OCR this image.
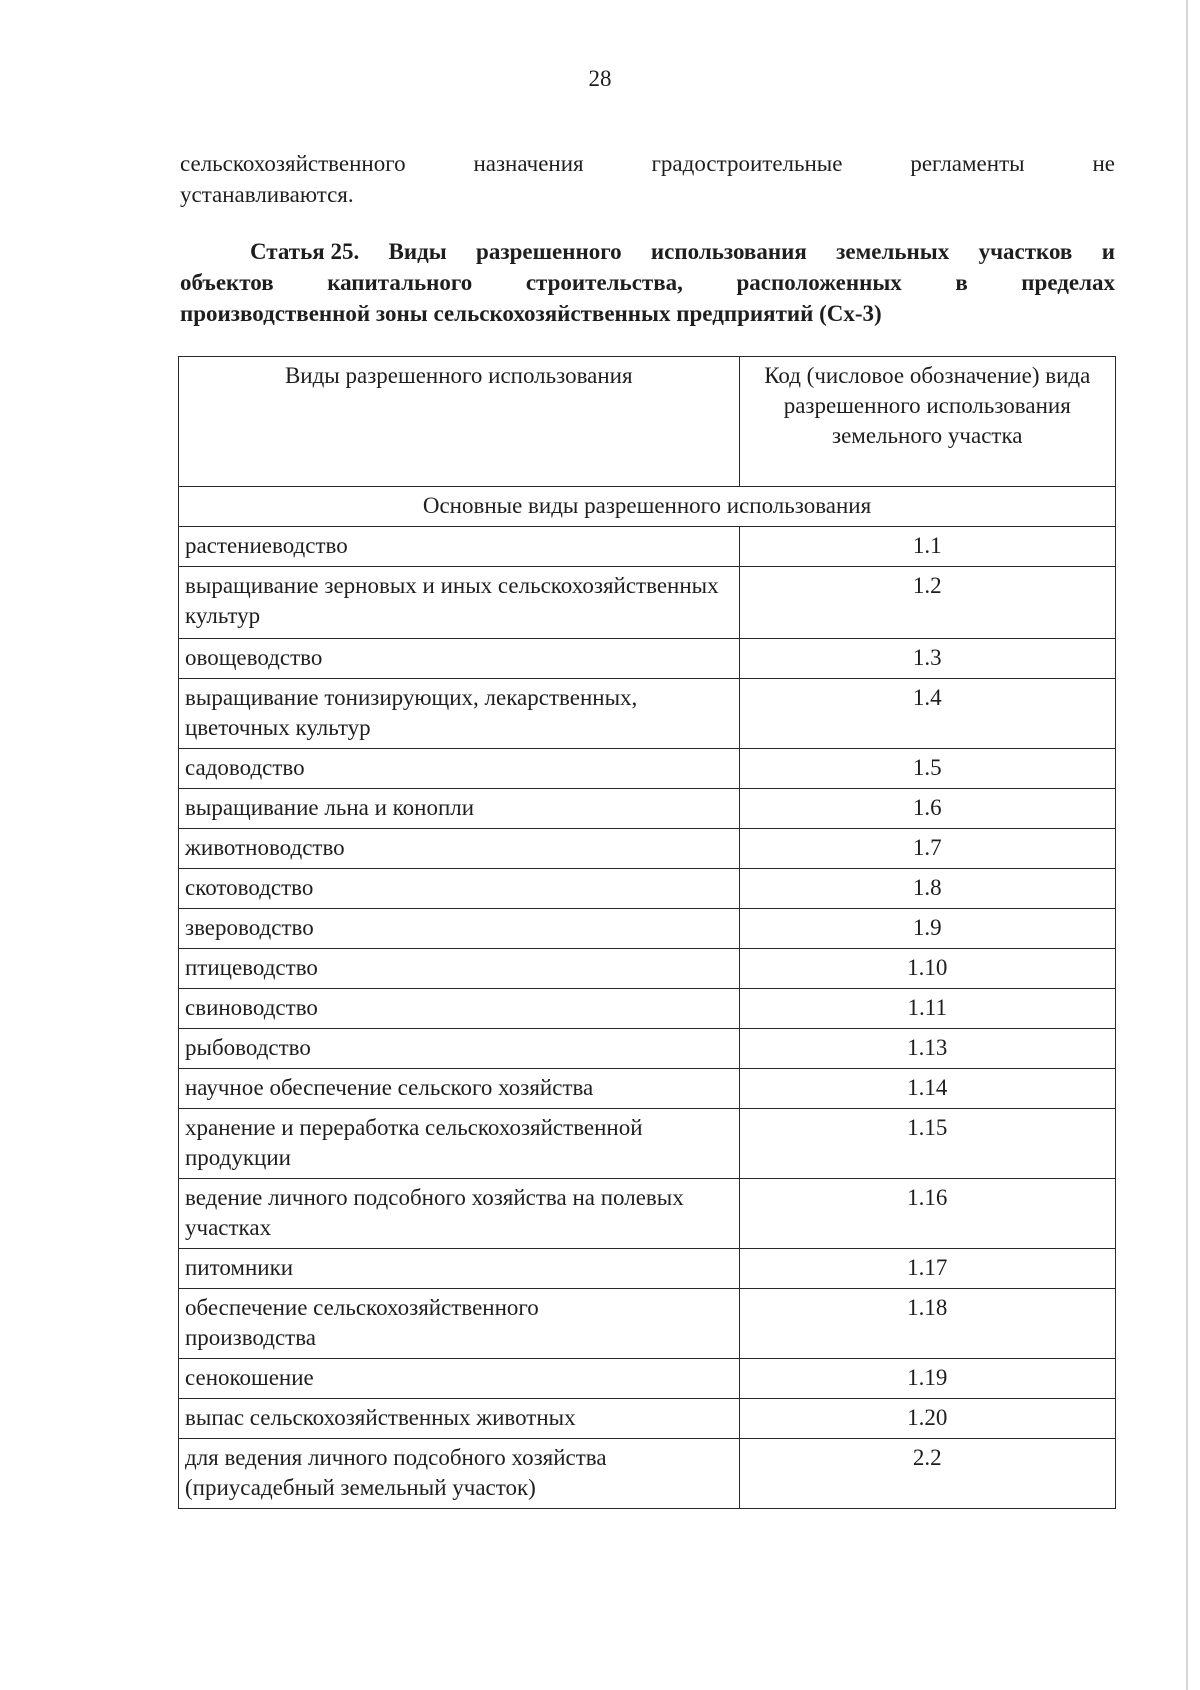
28
сельскохозяйственного	назначения	градостроительные	регламенты	не
устанавливаются.
Статья 25. Виды разрешенного использования земельных участков и
объектов капитального строительства, расположенных в пределах
производственной зоны сельскохозяйственных предприятий (Сх-3)
Виды разрешенного использования	Код (числовое обозначение) вида разрешенного использования земельного участка
Основные виды разрешенного использования	
растениеводство	1.1
выращивание зерновых и иных сельскохозяйственных культур	1.2
овощеводство	1.3
выращивание тонизирующих, лекарственных, цветочных культур	1.4
садоводство	1.5
выращивание льна и конопли	1.6
животноводство	1.7
скотоводство	1.8
звероводство	1.9
птицеводство	1.10
свиноводство	1.11
рыбоводство	1.13
научное обеспечение сельского хозяйства	1.14
хранение и переработка сельскохозяйственной продукции	1.15
ведение личного подсобного хозяйства на полевых участках	1.16
питомники	1.17
обеспечение сельскохозяйственного производства	1.18
сенокошение	1.19
выпас сельскохозяйственных животных	1.20
для ведения личного подсобного хозяйства (приусадебный земельный участок)	2.2
